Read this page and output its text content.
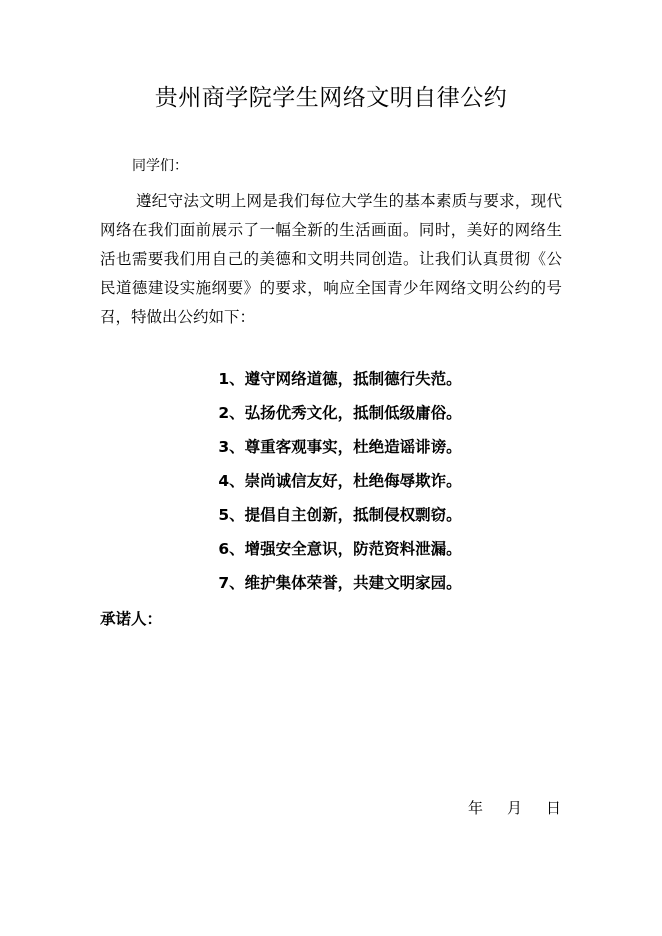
贵州商学院学生网络文明自律公约
同学们：

遵纪守法文明上网是我们每位大学生的基本素质与要求，现代网络在我们面前展示了一幅全新的生活画面。同时，美好的网络生活也需要我们用自己的美德和文明共同创造。让我们认真贯彻《公民道德建设实施纲要》的要求，响应全国青少年网络文明公约的号召，特做出公约如下：

1、遵守网络道德，抵制德行失范。
2、弘扬优秀文化，抵制低级庸俗。
3、尊重客观事实，杜绝造谣诽谤。
4、崇尚诚信友好，杜绝侮辱欺诈。
5、提倡自主创新，抵制侵权剽窃。
6、增强安全意识，防范资料泄漏。
7、维护集体荣誉，共建文明家园。
承诺人：
年 月 日
